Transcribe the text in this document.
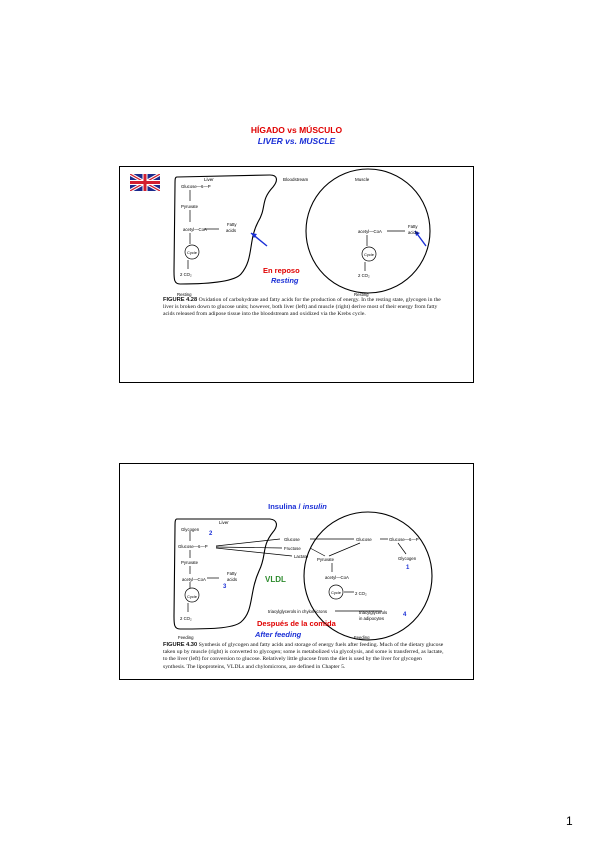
Liver	Bloodstream	Muscle
Glucose—6—P
Pyruvate
acetyl—CoA
Fatty
acids
Cycle
2 CO₂
Resting
acetyl—CoA
Fatty
acids
Cycle
2 CO₂
Resting
En reposo
Resting
FIGURE 4.28 Oxidation of carbohydrate and fatty acids for the production of energy. In the resting state, glycogen in the liver is broken down to glucose units; however, both liver (left) and muscle (right) derive most of their energy from fatty acids released from adipose tissue into the bloodstream and oxidized via the Krebs cycle.
Insulina / insulin
Liver
Glycogen
2
Glucose—6—P
Pyruvate
acetyl—CoA
Fatty
acids
3
Cycle
2 CO₂
Feeding
Glucose	Glucose	Glucose—6—P
Fructose
Lactate
Pyruvate	Glycogen
1
acetyl—CoA
Cycle	2 CO₂
triacylglycerols in chylomicrons	triacylglycerols
in adipocytes
4
Feeding
VLDL
Después de la comida
After feeding
FIGURE 4.30 Synthesis of glycogen and fatty acids and storage of energy fuels after feeding. Much of the dietary glucose taken up by muscle (right) is converted to glycogen; some is metabolized via glycolysis, and some is transferred, as lactate, to the liver (left) for conversion to glucose. Relatively little glucose from the diet is used by the liver for glycogen synthesis. The lipoproteins, VLDLs and chylomicrons, are defined in Chapter 5.
1
HÍGADO vs MÚSCULO
LIVER vs. MUSCLE
